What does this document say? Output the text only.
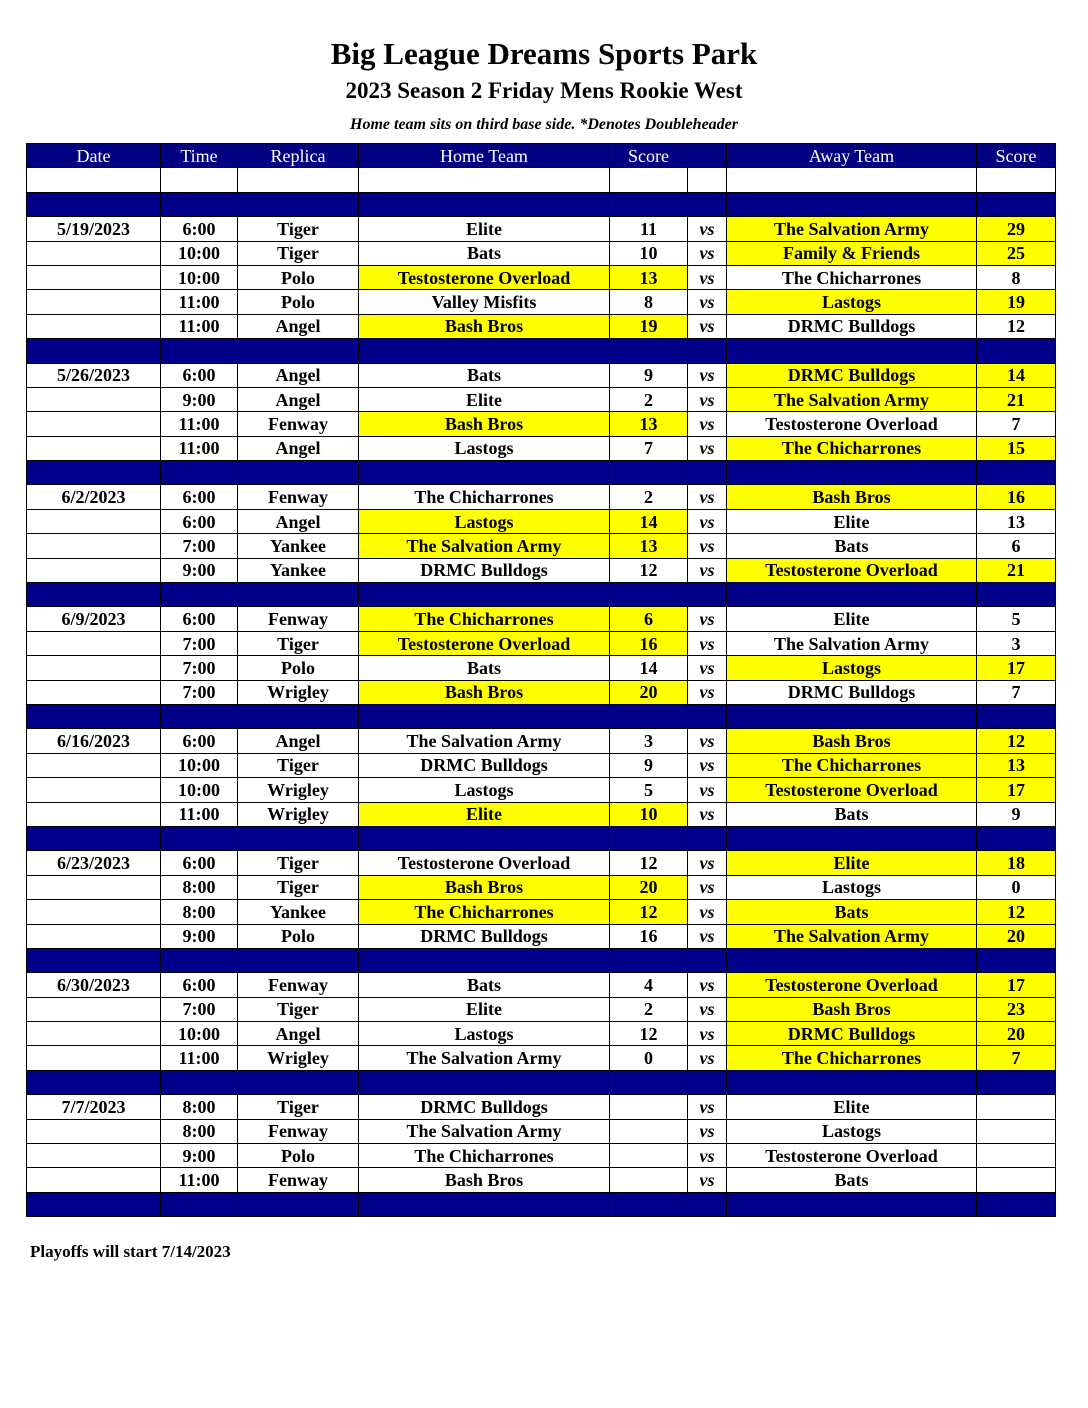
Big League Dreams Sports Park
2023 Season 2 Friday Mens Rookie West
Home team sits on third base side. *Denotes Doubleheader
Date	Time	Replica	Home Team	Score		Away Team	Score

5/19/2023	6:00	Tiger	Elite	11	vs	The Salvation Army	29
	10:00	Tiger	Bats	10	vs	Family & Friends	25
	10:00	Polo	Testosterone Overload	13	vs	The Chicharrones	8
	11:00	Polo	Valley Misfits	8	vs	Lastogs	19
	11:00	Angel	Bash Bros	19	vs	DRMC Bulldogs	12

5/26/2023	6:00	Angel	Bats	9	vs	DRMC Bulldogs	14
	9:00	Angel	Elite	2	vs	The Salvation Army	21
	11:00	Fenway	Bash Bros	13	vs	Testosterone Overload	7
	11:00	Angel	Lastogs	7	vs	The Chicharrones	15

6/2/2023	6:00	Fenway	The Chicharrones	2	vs	Bash Bros	16
	6:00	Angel	Lastogs	14	vs	Elite	13
	7:00	Yankee	The Salvation Army	13	vs	Bats	6
	9:00	Yankee	DRMC Bulldogs	12	vs	Testosterone Overload	21

6/9/2023	6:00	Fenway	The Chicharrones	6	vs	Elite	5
	7:00	Tiger	Testosterone Overload	16	vs	The Salvation Army	3
	7:00	Polo	Bats	14	vs	Lastogs	17
	7:00	Wrigley	Bash Bros	20	vs	DRMC Bulldogs	7

6/16/2023	6:00	Angel	The Salvation Army	3	vs	Bash Bros	12
	10:00	Tiger	DRMC Bulldogs	9	vs	The Chicharrones	13
	10:00	Wrigley	Lastogs	5	vs	Testosterone Overload	17
	11:00	Wrigley	Elite	10	vs	Bats	9

6/23/2023	6:00	Tiger	Testosterone Overload	12	vs	Elite	18
	8:00	Tiger	Bash Bros	20	vs	Lastogs	0
	8:00	Yankee	The Chicharrones	12	vs	Bats	12
	9:00	Polo	DRMC Bulldogs	16	vs	The Salvation Army	20

6/30/2023	6:00	Fenway	Bats	4	vs	Testosterone Overload	17
	7:00	Tiger	Elite	2	vs	Bash Bros	23
	10:00	Angel	Lastogs	12	vs	DRMC Bulldogs	20
	11:00	Wrigley	The Salvation Army	0	vs	The Chicharrones	7

7/7/2023	8:00	Tiger	DRMC Bulldogs		vs	Elite	
	8:00	Fenway	The Salvation Army		vs	Lastogs	
	9:00	Polo	The Chicharrones		vs	Testosterone Overload	
	11:00	Fenway	Bash Bros		vs	Bats	

Playoffs will start 7/14/2023
